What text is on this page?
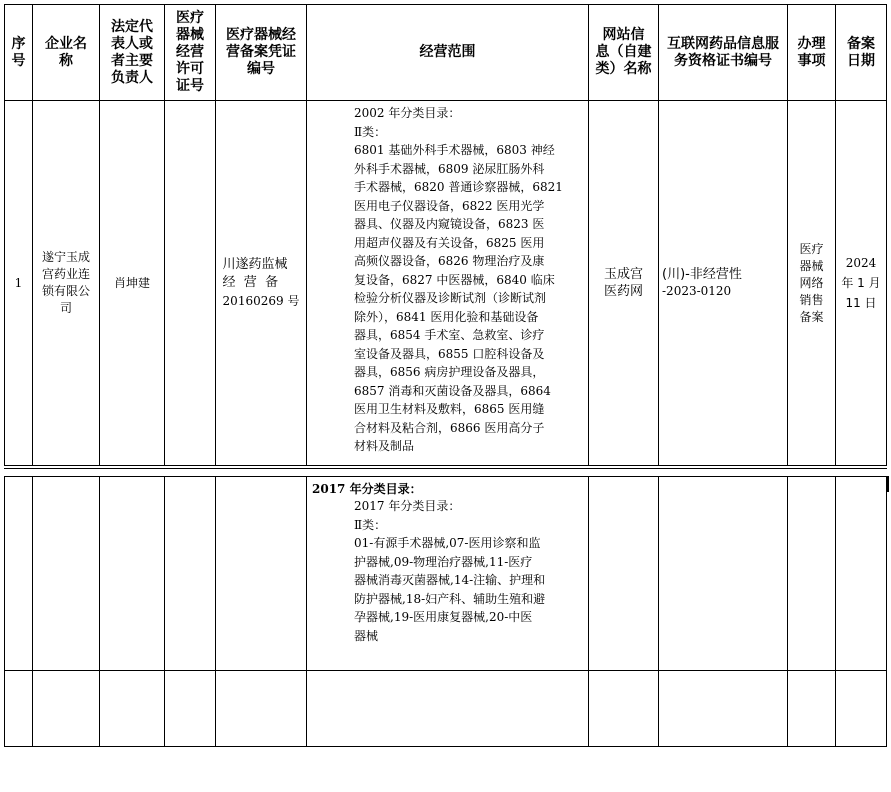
序
号
企业名
称
法定代
表人或
者主要
负责人
医疗
器械
经营
许可
证号
医疗器械经
营备案凭证
编号
经营范围
网站信
息（自建
类）名称
互联网药品信息服
务资格证书编号
办理
事项
备案
日期
1
遂宁玉成
宫药业连
锁有限公
司
肖坤建
川遂药监械
经  营  备
20160269 号
2002 年分类目录：
Ⅱ类：
6801 基础外科手术器械，6803 神经
外科手术器械，6809 泌尿肛肠外科
手术器械，6820 普通诊察器械，6821
医用电子仪器设备，6822 医用光学
器具、仪器及内窥镜设备，6823 医
用超声仪器及有关设备，6825 医用
高频仪器设备，6826 物理治疗及康
复设备，6827 中医器械，6840 临床
检验分析仪器及诊断试剂（诊断试剂
除外），6841 医用化验和基础设备
器具，6854 手术室、急救室、诊疗
室设备及器具，6855 口腔科设备及
器具，6856 病房护理设备及器具，
6857 消毒和灭菌设备及器具，6864
医用卫生材料及敷料，6865 医用缝
合材料及粘合剂，6866 医用高分子
材料及制品
玉成宫
医药网
(川)-非经营性
-2023-0120
医疗
器械
网络
销售
备案
2024
年 1 月
11 日
2017 年分类目录：
2017 年分类目录：
Ⅱ类：
01-有源手术器械,07-医用诊察和监
护器械,09-物理治疗器械,11-医疗
器械消毒灭菌器械,14-注输、护理和
防护器械,18-妇产科、辅助生殖和避
孕器械,19-医用康复器械,20-中医
器械
